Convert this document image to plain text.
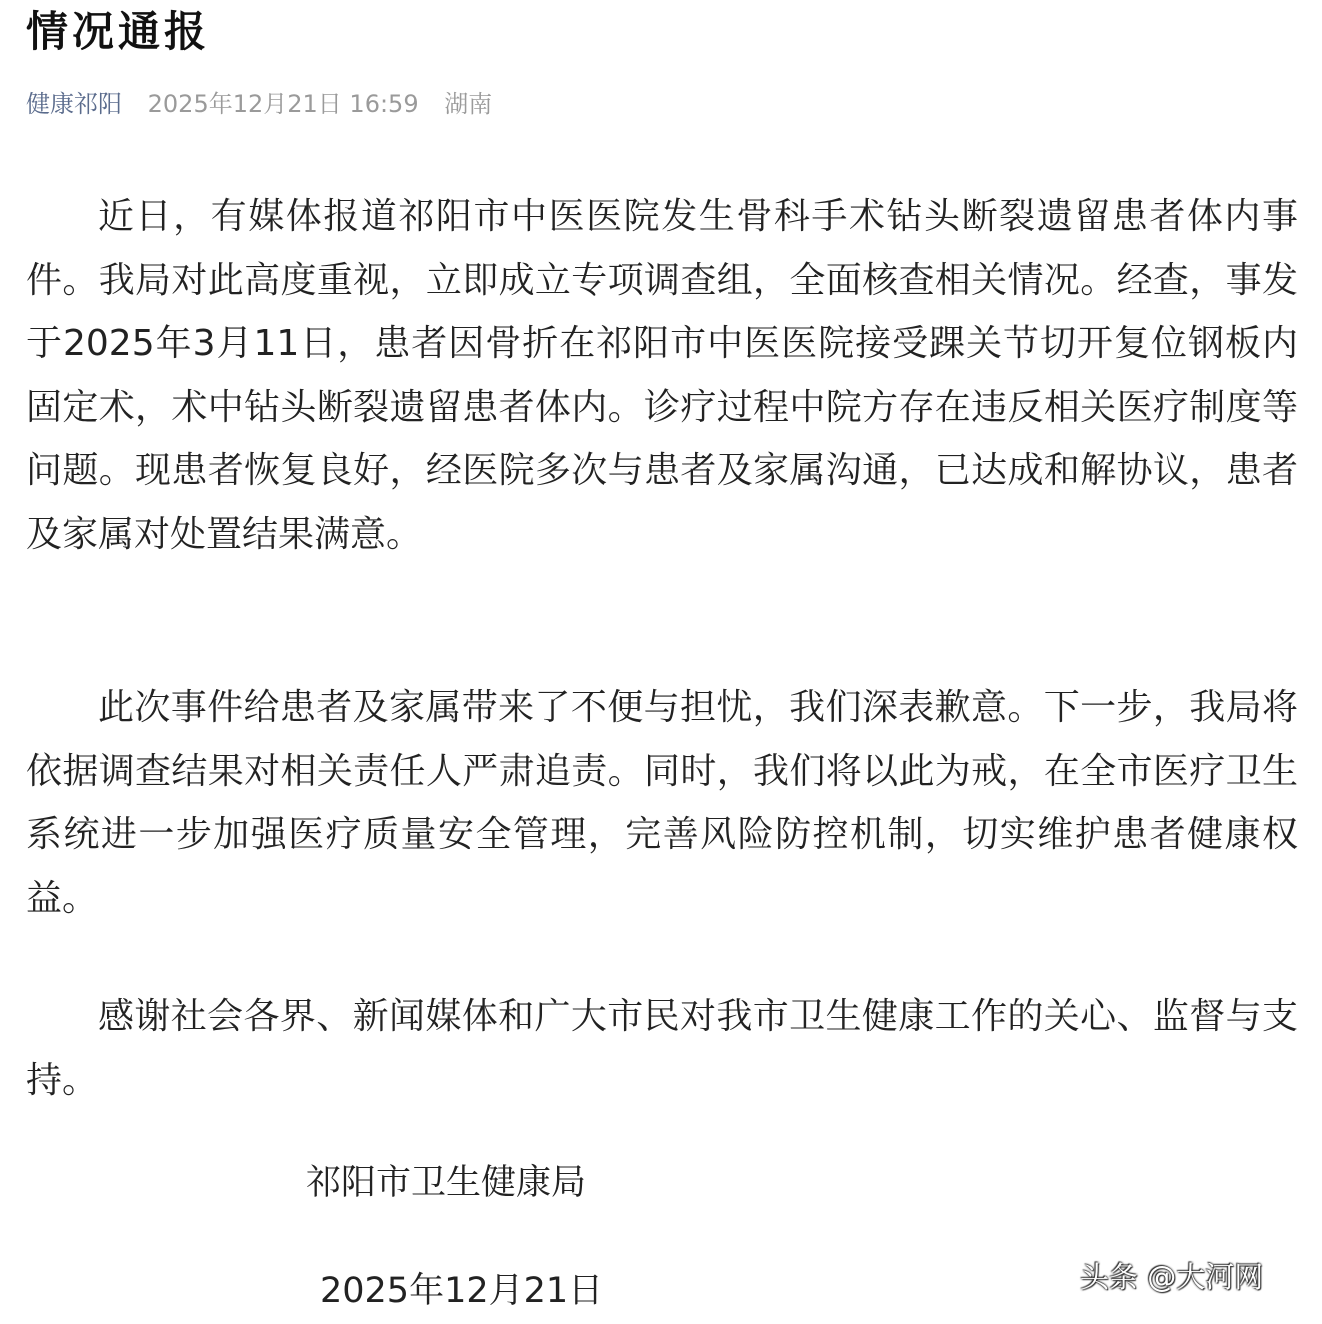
情况通报
健康祁阳 2025年12月21日 16:59 湖南

近日，有媒体报道祁阳市中医医院发生骨科手术钻头断裂遗留患者体内事件。我局对此高度重视，立即成立专项调查组，全面核查相关情况。经查，事发于2025年3月11日，患者因骨折在祁阳市中医医院接受踝关节切开复位钢板内固定术，术中钻头断裂遗留患者体内。诊疗过程中院方存在违反相关医疗制度等问题。现患者恢复良好，经医院多次与患者及家属沟通，已达成和解协议，患者及家属对处置结果满意。

此次事件给患者及家属带来了不便与担忧，我们深表歉意。下一步，我局将依据调查结果对相关责任人严肃追责。同时，我们将以此为戒，在全市医疗卫生系统进一步加强医疗质量安全管理，完善风险防控机制，切实维护患者健康权益。

感谢社会各界、新闻媒体和广大市民对我市卫生健康工作的关心、监督与支持。

祁阳市卫生健康局
2025年12月21日	头条 @大河网
